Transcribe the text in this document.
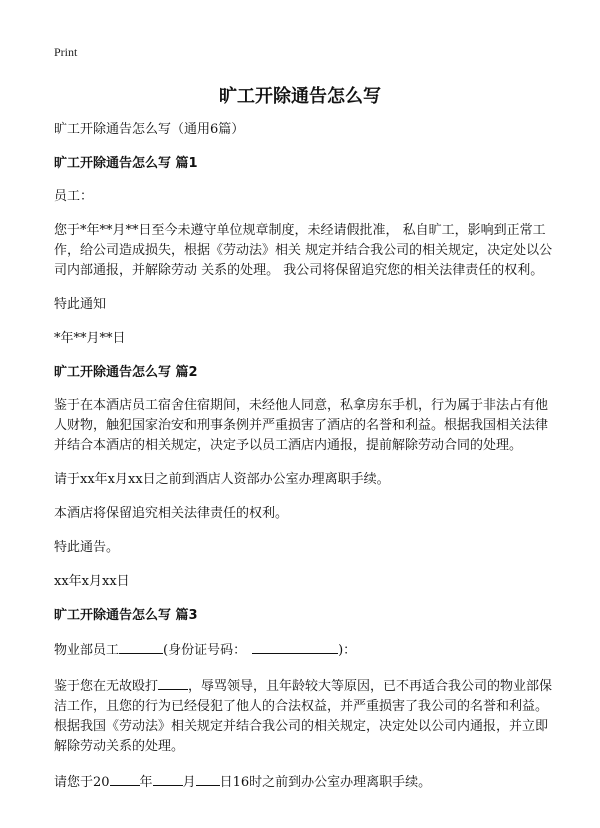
Print
旷工开除通告怎么写

旷工开除通告怎么写（通用6篇）

旷工开除通告怎么写 篇1

员工：

您于*年**月**日至今未遵守单位规章制度，未经请假批准， 私自旷工，影响到正常工作，给公司造成损失，根据《劳动法》相关 规定并结合我公司的相关规定，决定处以公司内部通报，并解除劳动 关系的处理。 我公司将保留追究您的相关法律责任的权利。

特此通知

*年**月**日

旷工开除通告怎么写 篇2

鉴于在本酒店员工宿舍住宿期间，未经他人同意，私拿房东手机，行为属于非法占有他人财物，触犯国家治安和刑事条例并严重损害了酒店的名誉和利益。根据我国相关法律并结合本酒店的相关规定，决定予以员工酒店内通报，提前解除劳动合同的处理。

请于xx年x月xx日之前到酒店人资部办公室办理离职手续。

本酒店将保留追究相关法律责任的权利。

特此通告。

xx年x月xx日

旷工开除通告怎么写 篇3

物业部员工	(身份证号码：	)：

鉴于您在无故殴打 ，辱骂领导，且年龄较大等原因，已不再适合我公司的物业部保洁工作，且您的行为已经侵犯了他人的合法权益，并严重损害了我公司的名誉和利益。根据我国《劳动法》相关规定并结合我公司的相关规定，决定处以公司内通报，并立即解除劳动关系的处理。

请您于20 年 月 日16时之前到办公室办理离职手续。
